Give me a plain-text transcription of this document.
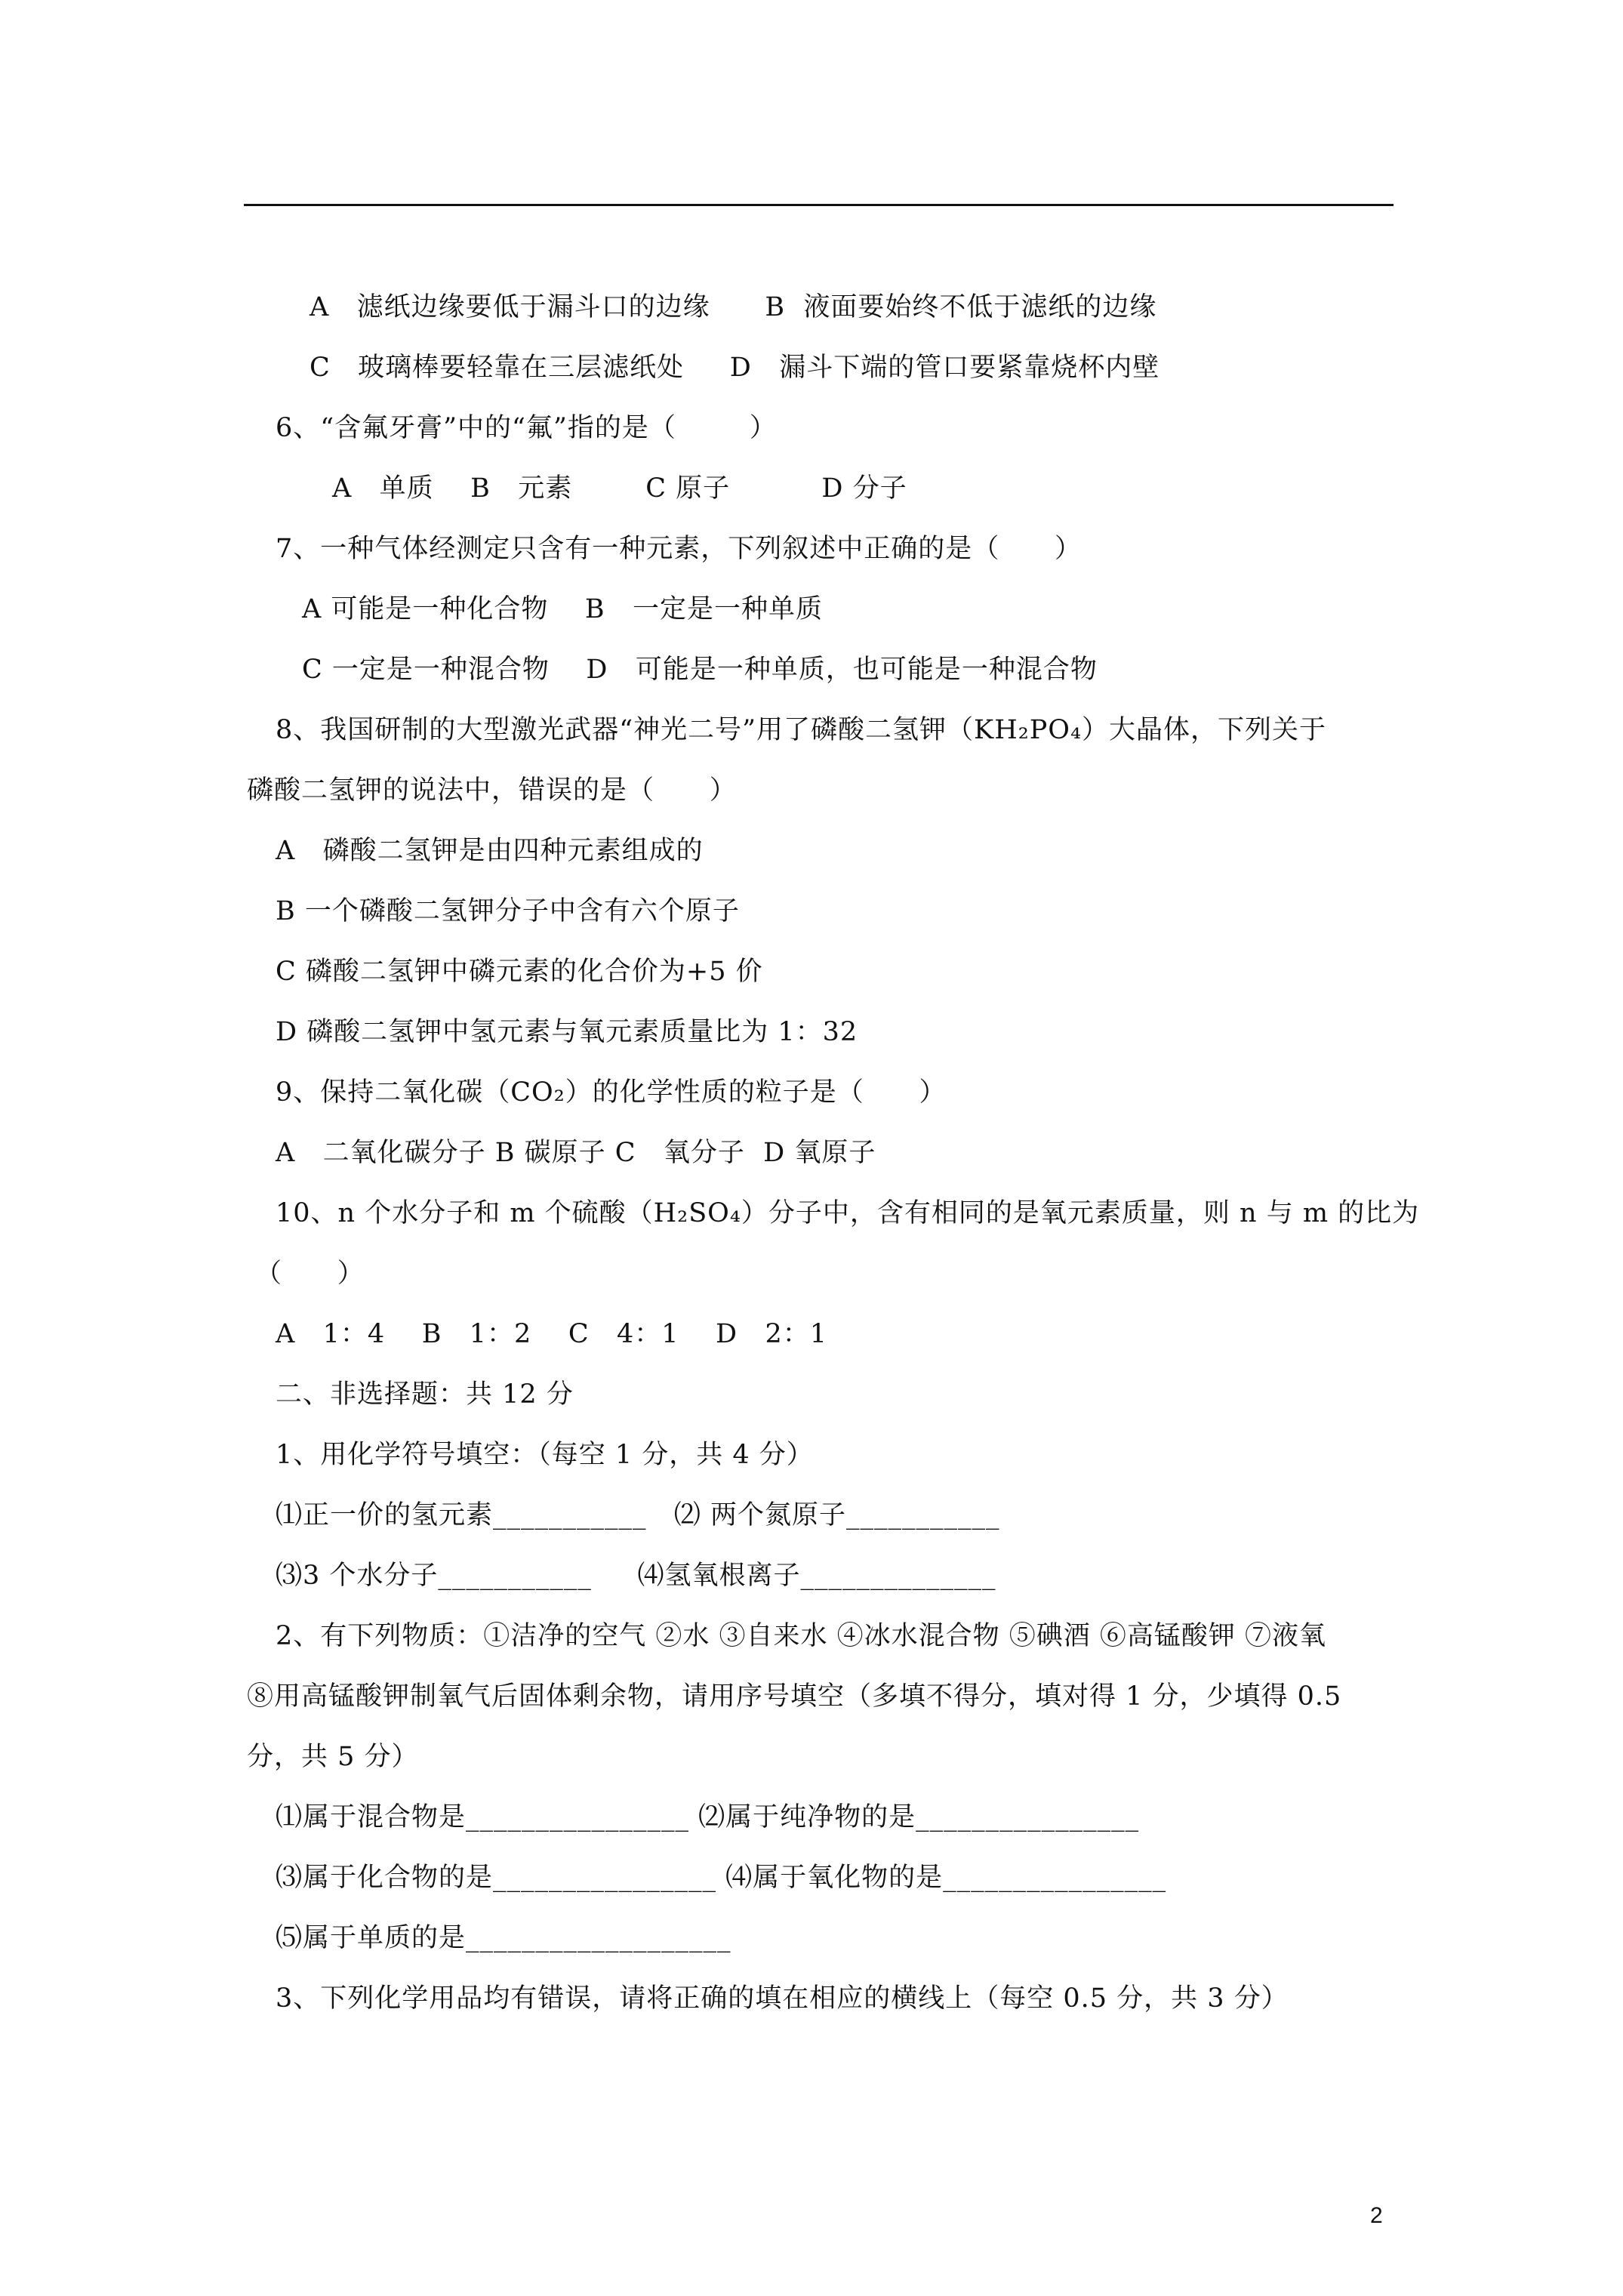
A   滤纸边缘要低于漏斗口的边缘      B  液面要始终不低于滤纸的边缘
C   玻璃棒要轻靠在三层滤纸处     D   漏斗下端的管口要紧靠烧杯内壁
6、“含氟牙膏”中的“氟”指的是（        ）
A   单质    B   元素        C 原子          D 分子
7、一种气体经测定只含有一种元素，下列叙述中正确的是（      ）
A 可能是一种化合物    B   一定是一种单质
C 一定是一种混合物    D   可能是一种单质，也可能是一种混合物
8、我国研制的大型激光武器“神光二号”用了磷酸二氢钾（KH₂PO₄）大晶体，下列关于
磷酸二氢钾的说法中，错误的是（      ）
A   磷酸二氢钾是由四种元素组成的
B 一个磷酸二氢钾分子中含有六个原子
C 磷酸二氢钾中磷元素的化合价为+5 价
D 磷酸二氢钾中氢元素与氧元素质量比为 1：32
9、保持二氧化碳（CO₂）的化学性质的粒子是（      ）
A   二氧化碳分子 B 碳原子 C   氧分子  D 氧原子
10、n 个水分子和 m 个硫酸（H₂SO₄）分子中，含有相同的是氧元素质量，则 n 与 m 的比为
（      ）
A   1：4    B   1：2    C   4：1    D   2：1
二、非选择题：共 12 分
1、用化学符号填空：（每空 1 分，共 4 分）
⑴正一价的氢元素___________   ⑵ 两个氮原子___________
⑶3 个水分子___________     ⑷氢氧根离子______________
2、有下列物质：①洁净的空气 ②水 ③自来水 ④冰水混合物 ⑤碘酒 ⑥高锰酸钾 ⑦液氧
⑧用高锰酸钾制氧气后固体剩余物，请用序号填空（多填不得分，填对得 1 分，少填得 0.5
分，共 5 分）
⑴属于混合物是________________ ⑵属于纯净物的是________________
⑶属于化合物的是________________ ⑷属于氧化物的是________________
⑸属于单质的是___________________
3、下列化学用品均有错误，请将正确的填在相应的横线上（每空 0.5 分，共 3 分）
2
